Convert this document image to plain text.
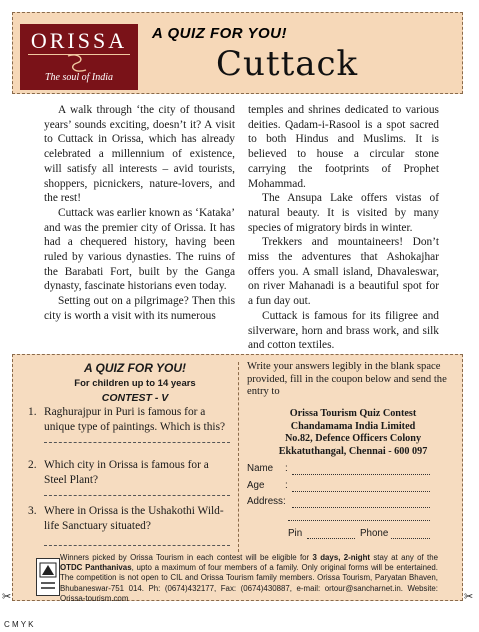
ORISSA
The soul of India
A QUIZ FOR YOU!
Cuttack

A walk through ‘the city of thousand years’ sounds exciting, doesn’t it? A visit to Cuttack in Orissa, which has already celebrated a millennium of existence, will satisfy all interests – avid tourists, shoppers, picnickers, nature-lovers, and the rest!

Cuttack was earlier known as ‘Kataka’ and was the premier city of Orissa. It has had a chequered history, having been ruled by various dynasties. The ruins of the Barabati Fort, built by the Ganga dynasty, fascinate historians even today.

Setting out on a pilgrimage? Then this city is worth a visit with its numerous

temples and shrines dedicated to various deities. Qadam-i-Rasool is a spot sacred to both Hindus and Muslims. It is believed to house a circular stone carrying the footprints of Prophet Mohammad.

The Ansupa Lake offers vistas of natural beauty. It is visited by many species of migratory birds in winter.

Trekkers and mountaineers! Don’t miss the adventures that Ashokajhar offers you. A small island, Dhavaleswar, on river Mahanadi is a beautiful spot for a fun day out.

Cuttack is famous for its filigree and silverware, horn and brass work, and silk and cotton textiles.

A QUIZ FOR YOU!
For children up to 14 years
CONTEST - V
1. Raghurajpur in Puri is famous for a unique type of paintings. Which is this?
2. Which city in Orissa is famous for a Steel Plant?
3. Where in Orissa is the Ushakothi Wild-life Sanctuary situated?
Write your answers legibly in the blank space provided, fill in the coupon below and send the entry to
Orissa Tourism Quiz Contest
Chandamama India Limited
No.82, Defence Officers Colony
Ekkatuthangal, Chennai - 600 097
Name :
Age :
Address :
Pin	Phone
Winners picked by Orissa Tourism in each contest will be eligible for 3 days, 2-night stay at any of the OTDC Panthanivas, upto a maximum of four members of a family. Only original forms will be entertained. The competition is not open to CIL and Orissa Tourism family members. Orissa Tourism, Paryatan Bhaven, Bhubaneswar-751 014. Ph: (0674)432177, Fax: (0674)430887, e-mail: ortour@sancharnet.in. Website: Orissa-tourism.com
✂	✂
C M Y K
